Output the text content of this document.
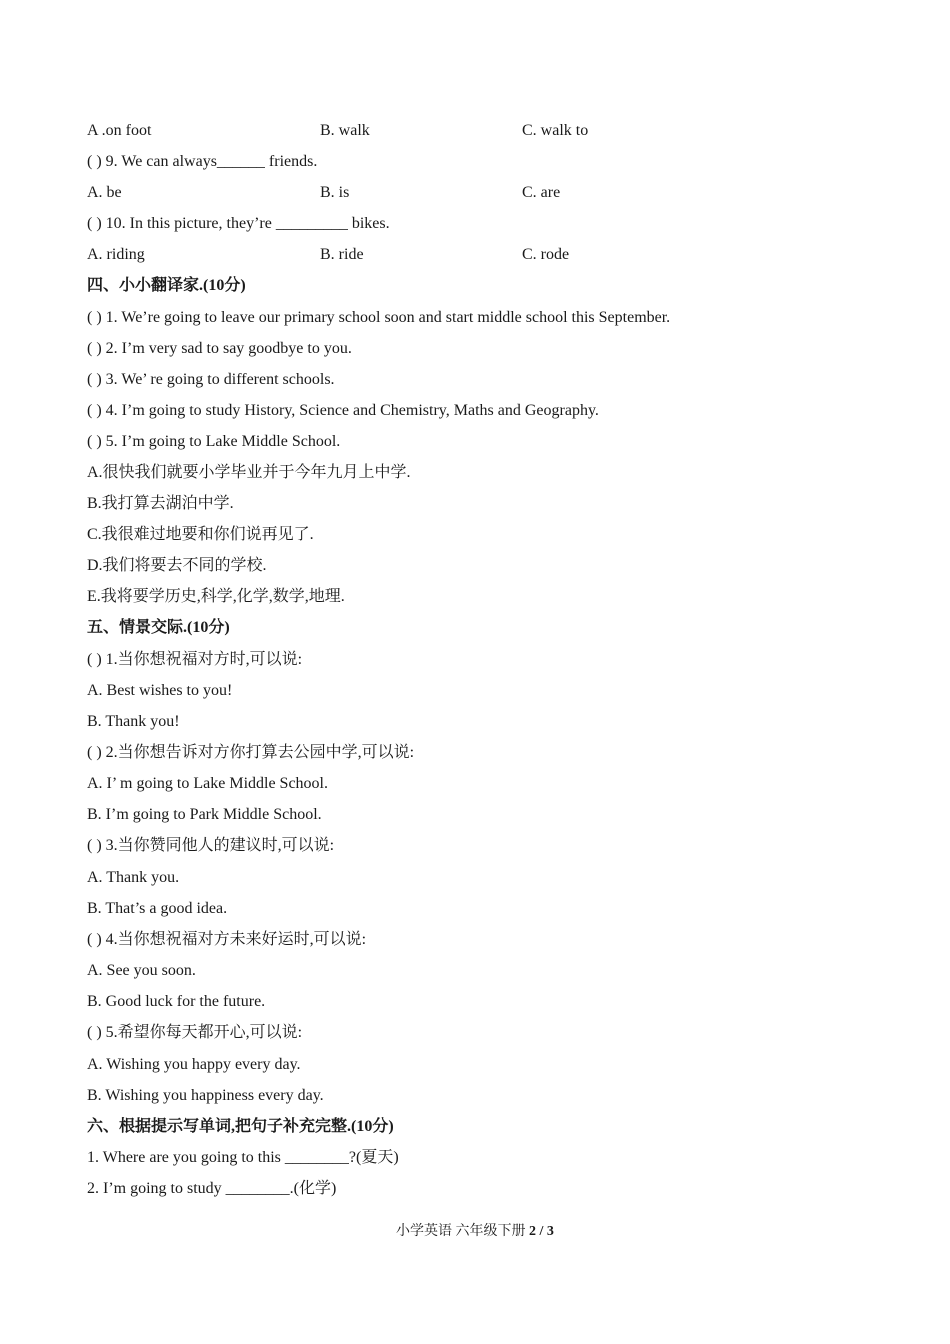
A .on foot	B. walk	C. walk to
( ) 9. We can always______ friends.
A. be	B. is	C. are
( ) 10. In this picture, they’re _________ bikes.
A. riding	B. ride	C. rode
四、小小翻译家.(10分)
( ) 1. We’re going to leave our primary school soon and start middle school this September.
( ) 2. I’m very sad to say goodbye to you.
( ) 3. We’ re going to different schools.
( ) 4. I’m going to study History, Science and Chemistry, Maths and Geography.
( ) 5. I’m going to Lake Middle School.
A.很快我们就要小学毕业并于今年九月上中学.
B.我打算去湖泊中学.
C.我很难过地要和你们说再见了.
D.我们将要去不同的学校.
E.我将要学历史,科学,化学,数学,地理.
五、情景交际.(10分)
( ) 1.当你想祝福对方时,可以说:
A. Best wishes to you!
B. Thank you!
( ) 2.当你想告诉对方你打算去公园中学,可以说:
A. I’ m going to Lake Middle School.
B. I’m going to Park Middle School.
( ) 3.当你赞同他人的建议时,可以说:
A. Thank you.
B. That’s a good idea.
( ) 4.当你想祝福对方未来好运时,可以说:
A. See you soon.
B. Good luck for the future.
( ) 5.希望你每天都开心,可以说:
A. Wishing you happy every day.
B. Wishing you happiness every day.
六、根据提示写单词,把句子补充完整.(10分)
1. Where are you going to this ________?(夏天)
2. I’m going to study ________.(化学)
小学英语 六年级下册 2 / 3
